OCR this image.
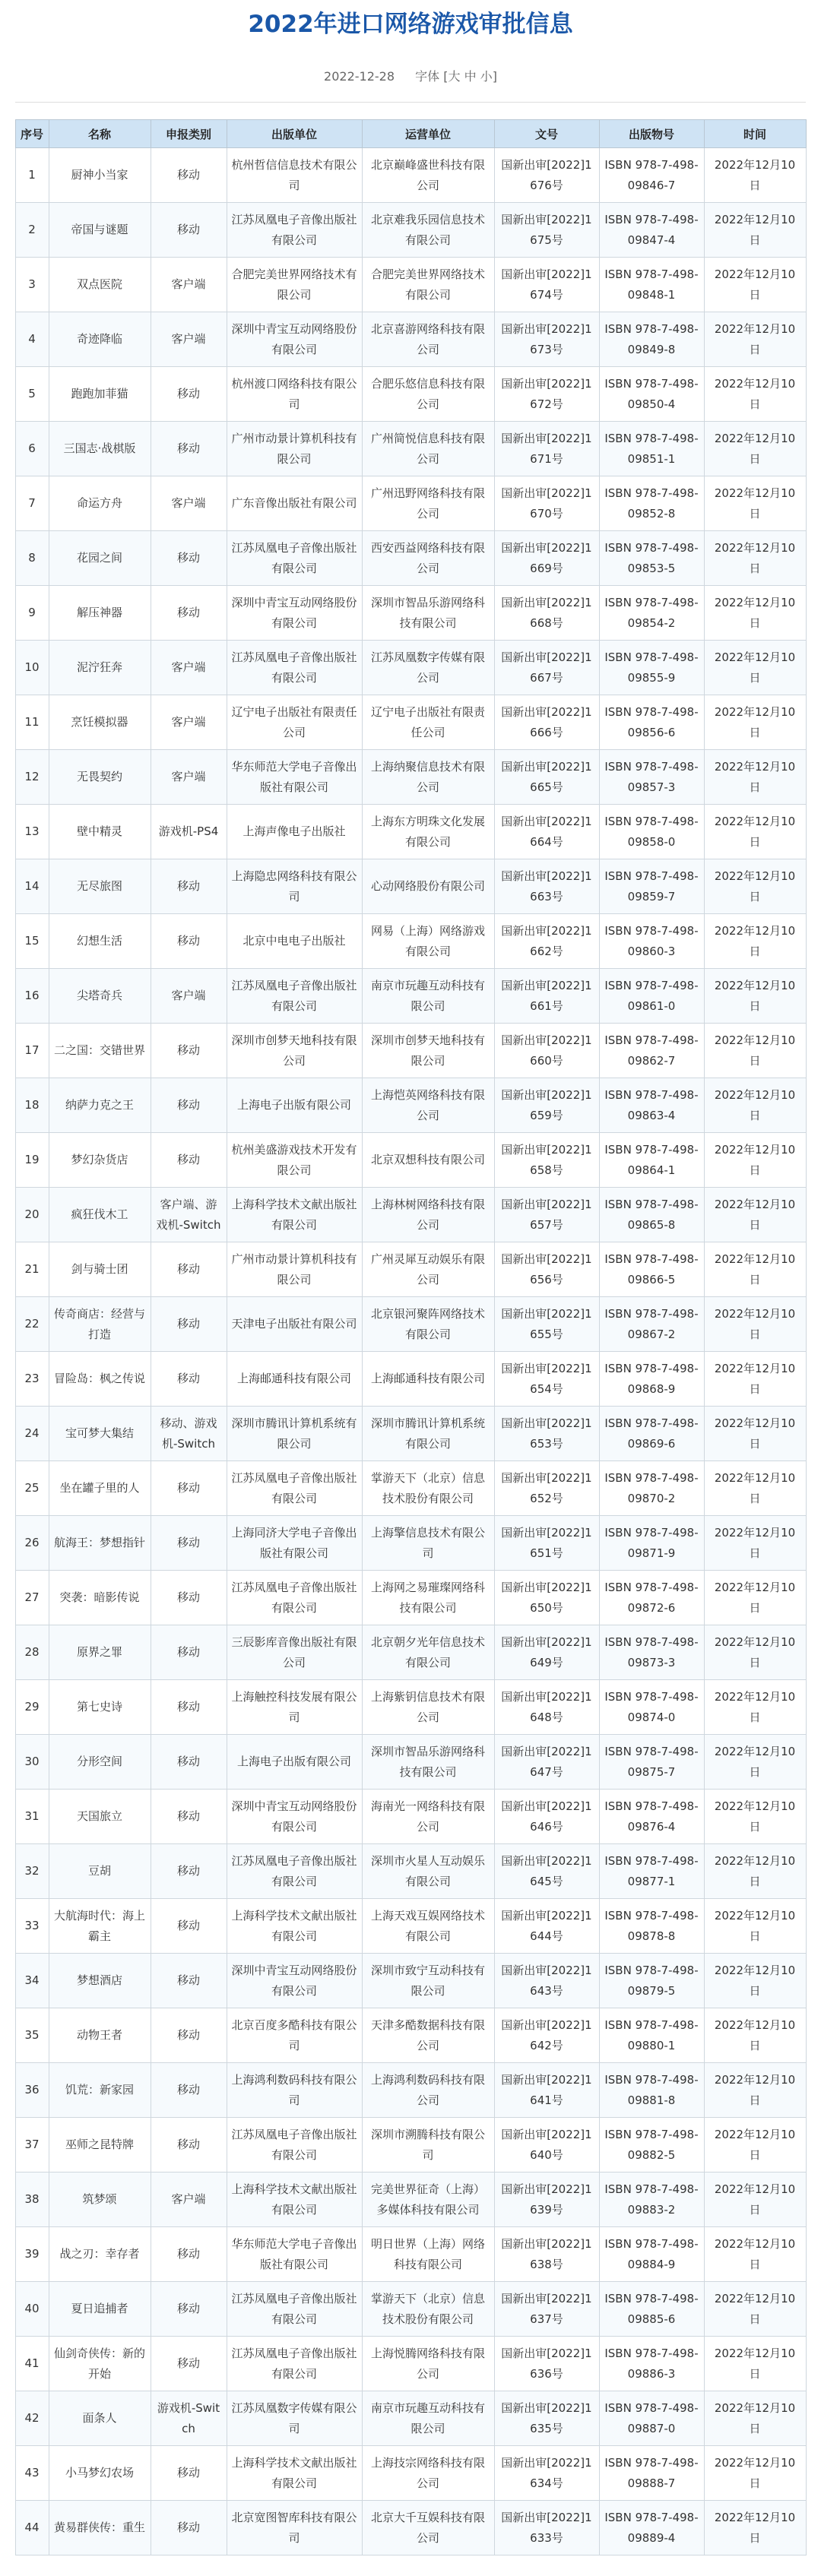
2022年进口网络游戏审批信息
2022-12-28 字体 [大 中 小]
序号	名称	申报类别	出版单位	运营单位	文号	出版物号	时间
1	厨神小当家	移动	杭州哲信信息技术有限公司	北京巅峰盛世科技有限公司	国新出审[2022]1676号	ISBN 978-7-498-09846-7	2022年12月10日
2	帝国与谜题	移动	江苏凤凰电子音像出版社有限公司	北京难我乐园信息技术有限公司	国新出审[2022]1675号	ISBN 978-7-498-09847-4	2022年12月10日
3	双点医院	客户端	合肥完美世界网络技术有限公司	合肥完美世界网络技术有限公司	国新出审[2022]1674号	ISBN 978-7-498-09848-1	2022年12月10日
4	奇迹降临	客户端	深圳中青宝互动网络股份有限公司	北京喜游网络科技有限公司	国新出审[2022]1673号	ISBN 978-7-498-09849-8	2022年12月10日
5	跑跑加菲猫	移动	杭州渡口网络科技有限公司	合肥乐悠信息科技有限公司	国新出审[2022]1672号	ISBN 978-7-498-09850-4	2022年12月10日
6	三国志·战棋版	移动	广州市动景计算机科技有限公司	广州简悦信息科技有限公司	国新出审[2022]1671号	ISBN 978-7-498-09851-1	2022年12月10日
7	命运方舟	客户端	广东音像出版社有限公司	广州迅野网络科技有限公司	国新出审[2022]1670号	ISBN 978-7-498-09852-8	2022年12月10日
8	花园之间	移动	江苏凤凰电子音像出版社有限公司	西安西益网络科技有限公司	国新出审[2022]1669号	ISBN 978-7-498-09853-5	2022年12月10日
9	解压神器	移动	深圳中青宝互动网络股份有限公司	深圳市智品乐游网络科技有限公司	国新出审[2022]1668号	ISBN 978-7-498-09854-2	2022年12月10日
10	泥泞狂奔	客户端	江苏凤凰电子音像出版社有限公司	江苏凤凰数字传媒有限公司	国新出审[2022]1667号	ISBN 978-7-498-09855-9	2022年12月10日
11	烹饪模拟器	客户端	辽宁电子出版社有限责任公司	辽宁电子出版社有限责任公司	国新出审[2022]1666号	ISBN 978-7-498-09856-6	2022年12月10日
12	无畏契约	客户端	华东师范大学电子音像出版社有限公司	上海纳聚信息技术有限公司	国新出审[2022]1665号	ISBN 978-7-498-09857-3	2022年12月10日
13	壁中精灵	游戏机-PS4	上海声像电子出版社	上海东方明珠文化发展有限公司	国新出审[2022]1664号	ISBN 978-7-498-09858-0	2022年12月10日
14	无尽旅图	移动	上海隐忠网络科技有限公司	心动网络股份有限公司	国新出审[2022]1663号	ISBN 978-7-498-09859-7	2022年12月10日
15	幻想生活	移动	北京中电电子出版社	网易（上海）网络游戏有限公司	国新出审[2022]1662号	ISBN 978-7-498-09860-3	2022年12月10日
16	尖塔奇兵	客户端	江苏凤凰电子音像出版社有限公司	南京市玩趣互动科技有限公司	国新出审[2022]1661号	ISBN 978-7-498-09861-0	2022年12月10日
17	二之国：交错世界	移动	深圳市创梦天地科技有限公司	深圳市创梦天地科技有限公司	国新出审[2022]1660号	ISBN 978-7-498-09862-7	2022年12月10日
18	纳萨力克之王	移动	上海电子出版有限公司	上海恺英网络科技有限公司	国新出审[2022]1659号	ISBN 978-7-498-09863-4	2022年12月10日
19	梦幻杂货店	移动	杭州美盛游戏技术开发有限公司	北京双想科技有限公司	国新出审[2022]1658号	ISBN 978-7-498-09864-1	2022年12月10日
20	疯狂伐木工	客户端、游戏机-Switch	上海科学技术文献出版社有限公司	上海林树网络科技有限公司	国新出审[2022]1657号	ISBN 978-7-498-09865-8	2022年12月10日
21	剑与骑士团	移动	广州市动景计算机科技有限公司	广州灵犀互动娱乐有限公司	国新出审[2022]1656号	ISBN 978-7-498-09866-5	2022年12月10日
22	传奇商店：经营与打造	移动	天津电子出版社有限公司	北京银河聚阵网络技术有限公司	国新出审[2022]1655号	ISBN 978-7-498-09867-2	2022年12月10日
23	冒险岛：枫之传说	移动	上海邮通科技有限公司	上海邮通科技有限公司	国新出审[2022]1654号	ISBN 978-7-498-09868-9	2022年12月10日
24	宝可梦大集结	移动、游戏机-Switch	深圳市腾讯计算机系统有限公司	深圳市腾讯计算机系统有限公司	国新出审[2022]1653号	ISBN 978-7-498-09869-6	2022年12月10日
25	坐在罐子里的人	移动	江苏凤凰电子音像出版社有限公司	掌游天下（北京）信息技术股份有限公司	国新出审[2022]1652号	ISBN 978-7-498-09870-2	2022年12月10日
26	航海王：梦想指针	移动	上海同济大学电子音像出版社有限公司	上海擎信息技术有限公司	国新出审[2022]1651号	ISBN 978-7-498-09871-9	2022年12月10日
27	突袭：暗影传说	移动	江苏凤凰电子音像出版社有限公司	上海网之易璀璨网络科技有限公司	国新出审[2022]1650号	ISBN 978-7-498-09872-6	2022年12月10日
28	原界之罪	移动	三辰影库音像出版社有限公司	北京朝夕光年信息技术有限公司	国新出审[2022]1649号	ISBN 978-7-498-09873-3	2022年12月10日
29	第七史诗	移动	上海触控科技发展有限公司	上海紫钥信息技术有限公司	国新出审[2022]1648号	ISBN 978-7-498-09874-0	2022年12月10日
30	分形空间	移动	上海电子出版有限公司	深圳市智品乐游网络科技有限公司	国新出审[2022]1647号	ISBN 978-7-498-09875-7	2022年12月10日
31	天国旅立	移动	深圳中青宝互动网络股份有限公司	海南光一网络科技有限公司	国新出审[2022]1646号	ISBN 978-7-498-09876-4	2022年12月10日
32	豆胡	移动	江苏凤凰电子音像出版社有限公司	深圳市火星人互动娱乐有限公司	国新出审[2022]1645号	ISBN 978-7-498-09877-1	2022年12月10日
33	大航海时代：海上霸主	移动	上海科学技术文献出版社有限公司	上海天戏互娱网络技术有限公司	国新出审[2022]1644号	ISBN 978-7-498-09878-8	2022年12月10日
34	梦想酒店	移动	深圳中青宝互动网络股份有限公司	深圳市致宁互动科技有限公司	国新出审[2022]1643号	ISBN 978-7-498-09879-5	2022年12月10日
35	动物王者	移动	北京百度多酷科技有限公司	天津多酷数据科技有限公司	国新出审[2022]1642号	ISBN 978-7-498-09880-1	2022年12月10日
36	饥荒：新家园	移动	上海鸿利数码科技有限公司	上海鸿利数码科技有限公司	国新出审[2022]1641号	ISBN 978-7-498-09881-8	2022年12月10日
37	巫师之昆特牌	移动	江苏凤凰电子音像出版社有限公司	深圳市溯腾科技有限公司	国新出审[2022]1640号	ISBN 978-7-498-09882-5	2022年12月10日
38	筑梦颂	客户端	上海科学技术文献出版社有限公司	完美世界征奇（上海）多媒体科技有限公司	国新出审[2022]1639号	ISBN 978-7-498-09883-2	2022年12月10日
39	战之刃：幸存者	移动	华东师范大学电子音像出版社有限公司	明日世界（上海）网络科技有限公司	国新出审[2022]1638号	ISBN 978-7-498-09884-9	2022年12月10日
40	夏日追捕者	移动	江苏凤凰电子音像出版社有限公司	掌游天下（北京）信息技术股份有限公司	国新出审[2022]1637号	ISBN 978-7-498-09885-6	2022年12月10日
41	仙剑奇侠传：新的开始	移动	江苏凤凰电子音像出版社有限公司	上海悦腾网络科技有限公司	国新出审[2022]1636号	ISBN 978-7-498-09886-3	2022年12月10日
42	面条人	游戏机-Switch	江苏凤凰数字传媒有限公司	南京市玩趣互动科技有限公司	国新出审[2022]1635号	ISBN 978-7-498-09887-0	2022年12月10日
43	小马梦幻农场	移动	上海科学技术文献出版社有限公司	上海技宗网络科技有限公司	国新出审[2022]1634号	ISBN 978-7-498-09888-7	2022年12月10日
44	黄易群侠传：重生	移动	北京宽图智库科技有限公司	北京大千互娱科技有限公司	国新出审[2022]1633号	ISBN 978-7-498-09889-4	2022年12月10日
